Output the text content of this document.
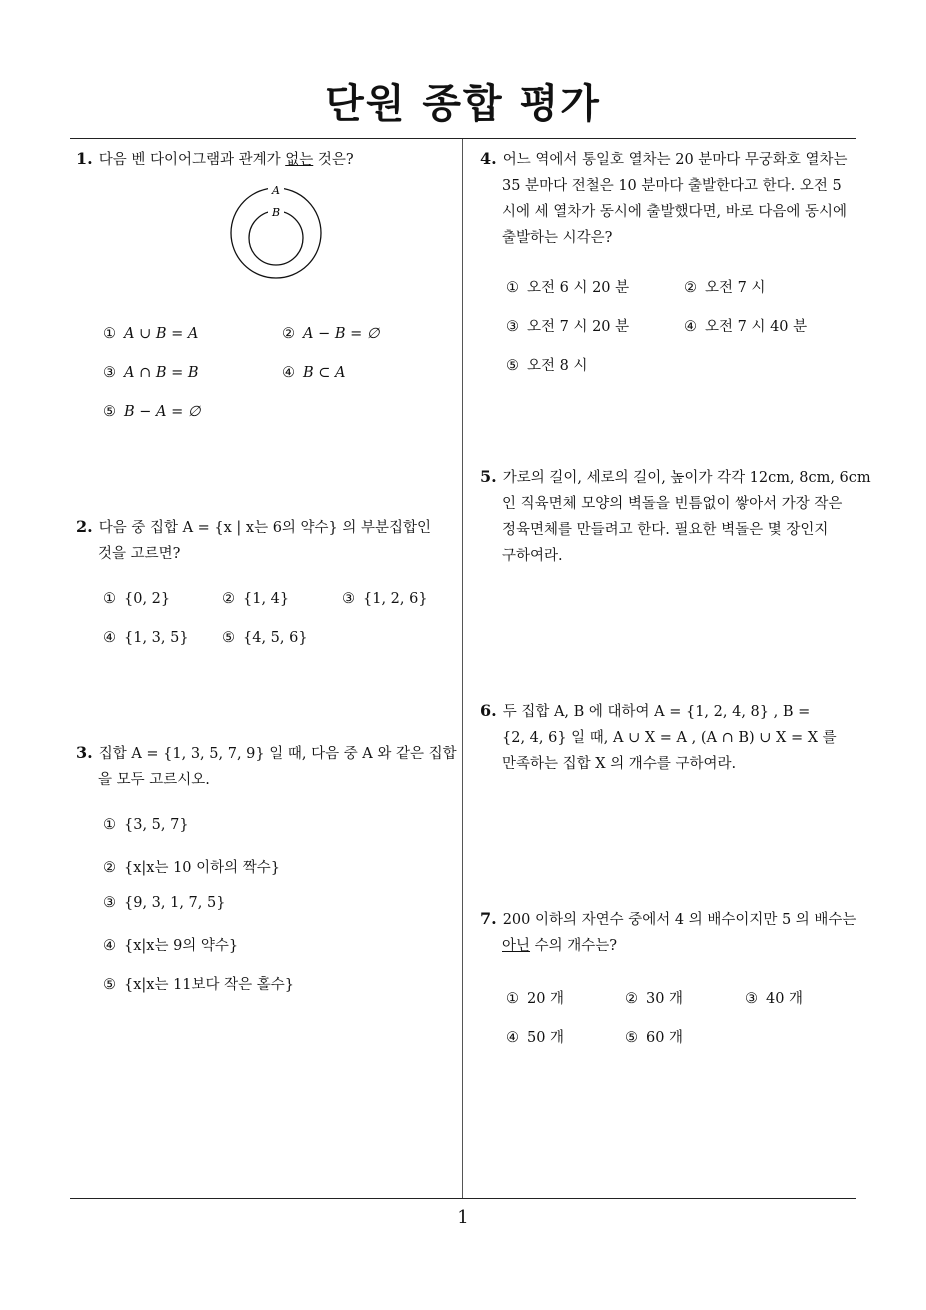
단원 종합 평가
1
1. 다음 벤 다이어그램과 관계가 없는 것은?
A
B
① A ∪ B = A	② A − B = ∅
③ A ∩ B = B	④ B ⊂ A
⑤ B − A = ∅
2. 다음 중 집합 A = {x | x는 6의 약수} 의 부분집합인
것을 고르면?
① {0, 2}	② {1, 4}	③ {1, 2, 6}
④ {1, 3, 5} ⑤ {4, 5, 6}
3. 집합 A = {1, 3, 5, 7, 9} 일 때, 다음 중 A 와 같은 집합
을 모두 고르시오.
① {3, 5, 7}
② {x|x는 10 이하의 짝수}
③ {9, 3, 1, 7, 5}
④ {x|x는 9의 약수}
⑤ {x|x는 11보다 작은 홀수}
4. 어느 역에서 통일호 열차는 20 분마다 무궁화호 열차는
35 분마다 전철은 10 분마다 출발한다고 한다. 오전 5
시에 세 열차가 동시에 출발했다면, 바로 다음에 동시에
출발하는 시각은?
① 오전 6 시 20 분	② 오전 7 시
③ 오전 7 시 20 분	④ 오전 7 시 40 분
⑤ 오전 8 시
5. 가로의 길이, 세로의 길이, 높이가 각각 12cm, 8cm, 6cm
인 직육면체 모양의 벽돌을 빈틈없이 쌓아서 가장 작은
정육면체를 만들려고 한다. 필요한 벽돌은 몇 장인지
구하여라.
6. 두 집합 A, B 에 대하여 A = {1, 2, 4, 8} , B =
{2, 4, 6} 일 때, A ∪ X = A , (A ∩ B) ∪ X = X 를
만족하는 집합 X 의 개수를 구하여라.
7. 200 이하의 자연수 중에서 4 의 배수이지만 5 의 배수는
아닌 수의 개수는?
① 20 개	② 30 개	③ 40 개
④ 50 개	⑤ 60 개
